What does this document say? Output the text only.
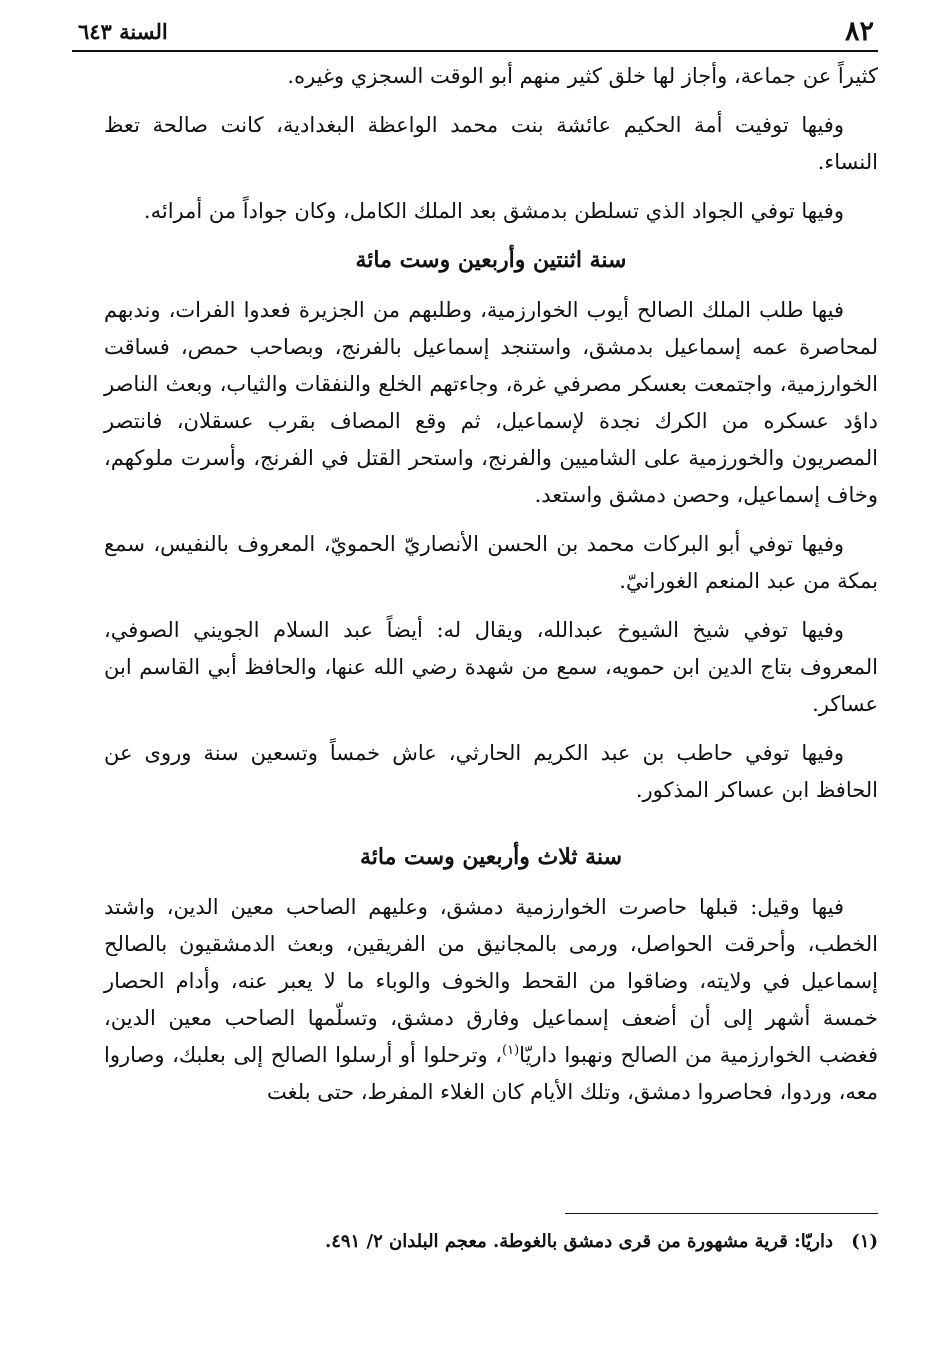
٨٢
السنة ٦٤٣

كثيراً عن جماعة، وأجاز لها خلق كثير منهم أبو الوقت السجزي وغيره.

وفيها توفيت أمة الحكيم عائشة بنت محمد الواعظة البغدادية، كانت صالحة تعظ النساء.

وفيها توفي الجواد الذي تسلطن بدمشق بعد الملك الكامل، وكان جواداً من أمرائه.

سنة اثنتين وأربعين وست مائة

فيها طلب الملك الصالح أيوب الخوارزمية، وطلبهم من الجزيرة فعدوا الفرات، وندبهم لمحاصرة عمه إسماعيل بدمشق، واستنجد إسماعيل بالفرنج، وبصاحب حمص، فساقت الخوارزمية، واجتمعت بعسكر مصرفي غرة، وجاءتهم الخلع والنفقات والثياب، وبعث الناصر داؤد عسكره من الكرك نجدة لإسماعيل، ثم وقع المصاف بقرب عسقلان، فانتصر المصريون والخورزمية على الشاميين والفرنج، واستحر القتل في الفرنج، وأسرت ملوكهم، وخاف إسماعيل، وحصن دمشق واستعد.

وفيها توفي أبو البركات محمد بن الحسن الأنصاريّ الحمويّ، المعروف بالنفيس، سمع بمكة من عبد المنعم الغورانيّ.

وفيها توفي شيخ الشيوخ عبدالله، ويقال له: أيضاً عبد السلام الجويني الصوفي، المعروف بتاج الدين ابن حمويه، سمع من شهدة رضي الله عنها، والحافظ أبي القاسم ابن عساكر.

وفيها توفي حاطب بن عبد الكريم الحارثي، عاش خمساً وتسعين سنة وروى عن الحافظ ابن عساكر المذكور.

سنة ثلاث وأربعين وست مائة

فيها وقيل: قبلها حاصرت الخوارزمية دمشق، وعليهم الصاحب معين الدين، واشتد الخطب، وأحرقت الحواصل، ورمى بالمجانيق من الفريقين، وبعث الدمشقيون بالصالح إسماعيل في ولايته، وضاقوا من القحط والخوف والوباء ما لا يعبر عنه، وأدام الحصار خمسة أشهر إلى أن أضعف إسماعيل وفارق دمشق، وتسلّمها الصاحب معين الدين، فغضب الخوارزمية من الصالح ونهبوا داريّا$^{(١)}$، وترحلوا أو أرسلوا الصالح إلى بعلبك، وصاروا معه، وردوا، فحاصروا دمشق، وتلك الأيام كان الغلاء المفرط، حتى بلغت

(١) داريّا: قرية مشهورة من قرى دمشق بالغوطة. معجم البلدان ٢/ ٤٩١.
